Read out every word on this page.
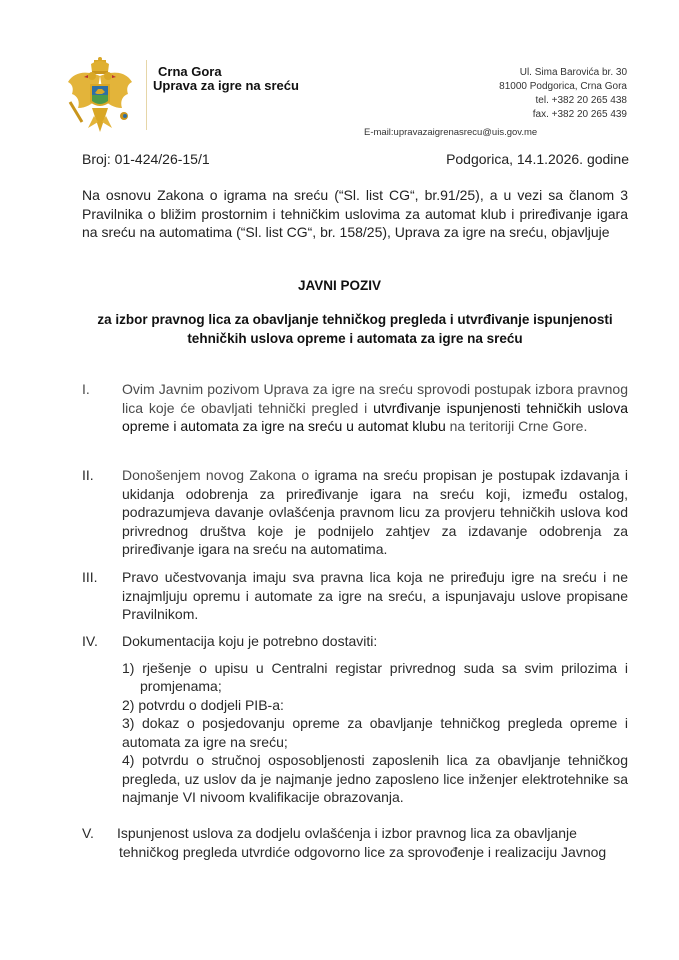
Crna Gora
Uprava za igre na sreću
Ul. Sima Barovića br. 30
81000 Podgorica, Crna Gora
tel. +382 20 265 438
fax. +382 20 265 439
E-mail:upravazaigrenasrecu@uis.gov.me
Broj: 01-424/26-15/1	Podgorica, 14.1.2026. godine
Na osnovu Zakona o igrama na sreću (“Sl. list CG“, br.91/25), a u vezi sa članom 3 Pravilnika o bližim prostornim i tehničkim uslovima za automat klub i priređivanje igara na sreću na automatima (“Sl. list CG“, br. 158/25), Uprava za igre na sreću, objavljuje
JAVNI POZIV
za izbor pravnog lica za obavljanje tehničkog pregleda i utvrđivanje ispunjenosti tehničkih uslova opreme i automata za igre na sreću
I. Ovim Javnim pozivom Uprava za igre na sreću sprovodi postupak izbora pravnog lica koje će obavljati tehnički pregled i utvrđivanje ispunjenosti tehničkih uslova opreme i automata za igre na sreću u automat klubu na teritoriji Crne Gore.
II. Donošenjem novog Zakona o igrama na sreću propisan je postupak izdavanja i ukidanja odobrenja za priređivanje igara na sreću koji, između ostalog, podrazumjeva davanje ovlašćenja pravnom licu za provjeru tehničkih uslova kod privrednog društva koje je podnijelo zahtjev za izdavanje odobrenja za priređivanje igara na sreću na automatima.
III. Pravo učestvovanja imaju sva pravna lica koja ne priređuju igre na sreću i ne iznajmljuju opremu i automate za igre na sreću, a ispunjavaju uslove propisane Pravilnikom.
IV. Dokumentacija koju je potrebno dostaviti:
1) rješenje o upisu u Centralni registar privrednog suda sa svim prilozima i promjenama;
2) potvrdu o dodjeli PIB-a:
3) dokaz o posjedovanju opreme za obavljanje tehničkog pregleda opreme i automata za igre na sreću;
4) potvrdu o stručnoj osposobljenosti zaposlenih lica za obavljanje tehničkog pregleda, uz uslov da je najmanje jedno zaposleno lice inženjer elektrotehnike sa najmanje VI nivoom kvalifikacije obrazovanja.
V. Ispunjenost uslova za dodjelu ovlašćenja i izbor pravnog lica za obavljanje
tehničkog pregleda utvrdiće odgovorno lice za sprovođenje i realizaciju Javnog
